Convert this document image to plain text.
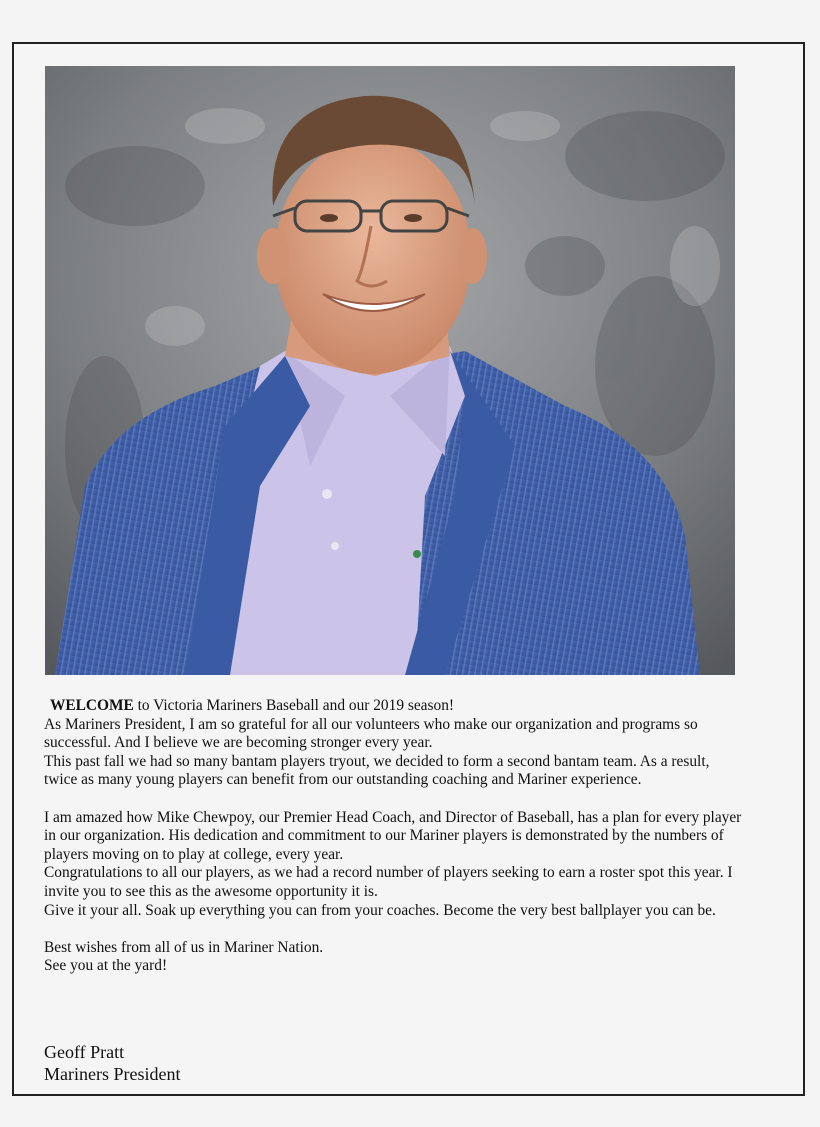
WELCOME to Victoria Mariners Baseball and our 2019 season!

As Mariners President, I am so grateful for all our volunteers who make our organization and programs so successful. And I believe we are becoming stronger every year.

This past fall we had so many bantam players tryout, we decided to form a second bantam team. As a result, twice as many young players can benefit from our outstanding coaching and Mariner experience.

I am amazed how Mike Chewpoy, our Premier Head Coach, and Director of Baseball, has a plan for every player in our organization. His dedication and commitment to our Mariner players is demonstrated by the numbers of players moving on to play at college, every year.

Congratulations to all our players, as we had a record number of players seeking to earn a roster spot this year. I invite you to see this as the awesome opportunity it is.

Give it your all. Soak up everything you can from your coaches. Become the very best ballplayer you can be.

Best wishes from all of us in Mariner Nation.

See you at the yard!

Geoff Pratt
Mariners President
